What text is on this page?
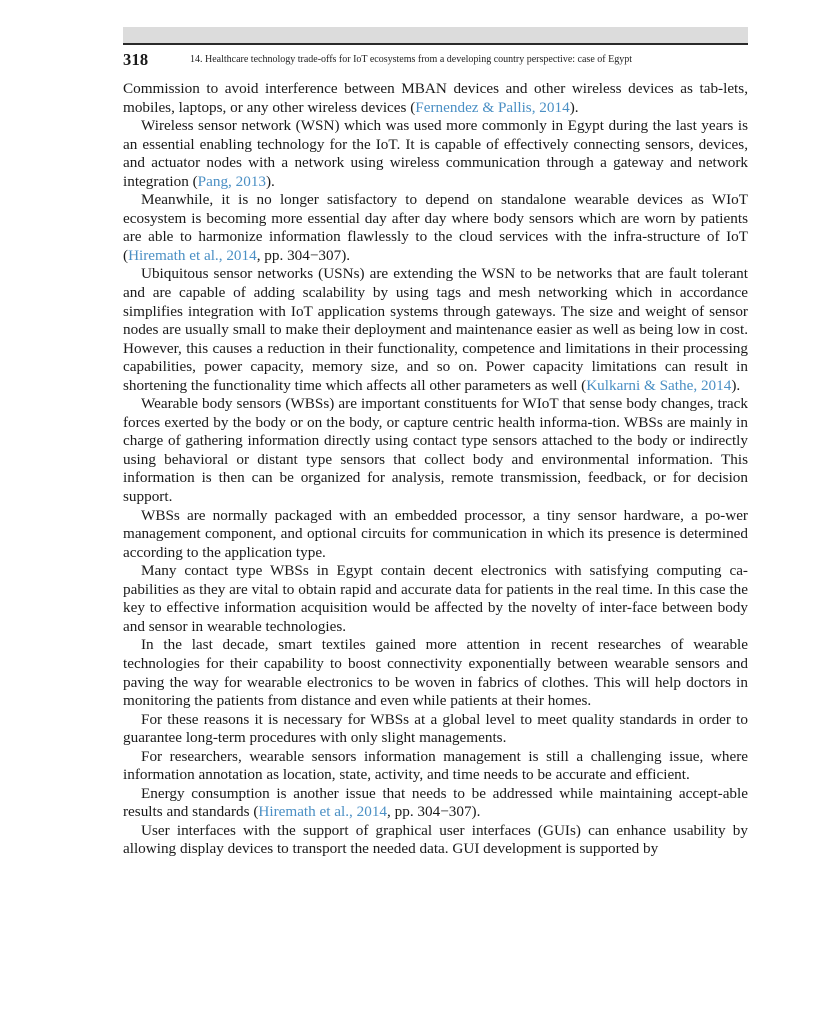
318	14. Healthcare technology trade-offs for IoT ecosystems from a developing country perspective: case of Egypt

Commission to avoid interference between MBAN devices and other wireless devices as tab-lets, mobiles, laptops, or any other wireless devices (Fernendez & Pallis, 2014).

Wireless sensor network (WSN) which was used more commonly in Egypt during the last years is an essential enabling technology for the IoT. It is capable of effectively connecting sensors, devices, and actuator nodes with a network using wireless communication through a gateway and network integration (Pang, 2013).

Meanwhile, it is no longer satisfactory to depend on standalone wearable devices as WIoT ecosystem is becoming more essential day after day where body sensors which are worn by patients are able to harmonize information flawlessly to the cloud services with the infra-structure of IoT (Hiremath et al., 2014, pp. 304−307).

Ubiquitous sensor networks (USNs) are extending the WSN to be networks that are fault tolerant and are capable of adding scalability by using tags and mesh networking which in accordance simplifies integration with IoT application systems through gateways. The size and weight of sensor nodes are usually small to make their deployment and maintenance easier as well as being low in cost. However, this causes a reduction in their functionality, competence and limitations in their processing capabilities, power capacity, memory size, and so on. Power capacity limitations can result in shortening the functionality time which affects all other parameters as well (Kulkarni & Sathe, 2014).

Wearable body sensors (WBSs) are important constituents for WIoT that sense body changes, track forces exerted by the body or on the body, or capture centric health informa-tion. WBSs are mainly in charge of gathering information directly using contact type sensors attached to the body or indirectly using behavioral or distant type sensors that collect body and environmental information. This information is then can be organized for analysis, remote transmission, feedback, or for decision support.

WBSs are normally packaged with an embedded processor, a tiny sensor hardware, a po-wer management component, and optional circuits for communication in which its presence is determined according to the application type.

Many contact type WBSs in Egypt contain decent electronics with satisfying computing ca-pabilities as they are vital to obtain rapid and accurate data for patients in the real time. In this case the key to effective information acquisition would be affected by the novelty of inter-face between body and sensor in wearable technologies.

In the last decade, smart textiles gained more attention in recent researches of wearable technologies for their capability to boost connectivity exponentially between wearable sensors and paving the way for wearable electronics to be woven in fabrics of clothes. This will help doctors in monitoring the patients from distance and even while patients at their homes.

For these reasons it is necessary for WBSs at a global level to meet quality standards in order to guarantee long-term procedures with only slight managements.

For researchers, wearable sensors information management is still a challenging issue, where information annotation as location, state, activity, and time needs to be accurate and efficient.

Energy consumption is another issue that needs to be addressed while maintaining accept-able results and standards (Hiremath et al., 2014, pp. 304−307).

User interfaces with the support of graphical user interfaces (GUIs) can enhance usability by allowing display devices to transport the needed data. GUI development is supported by
